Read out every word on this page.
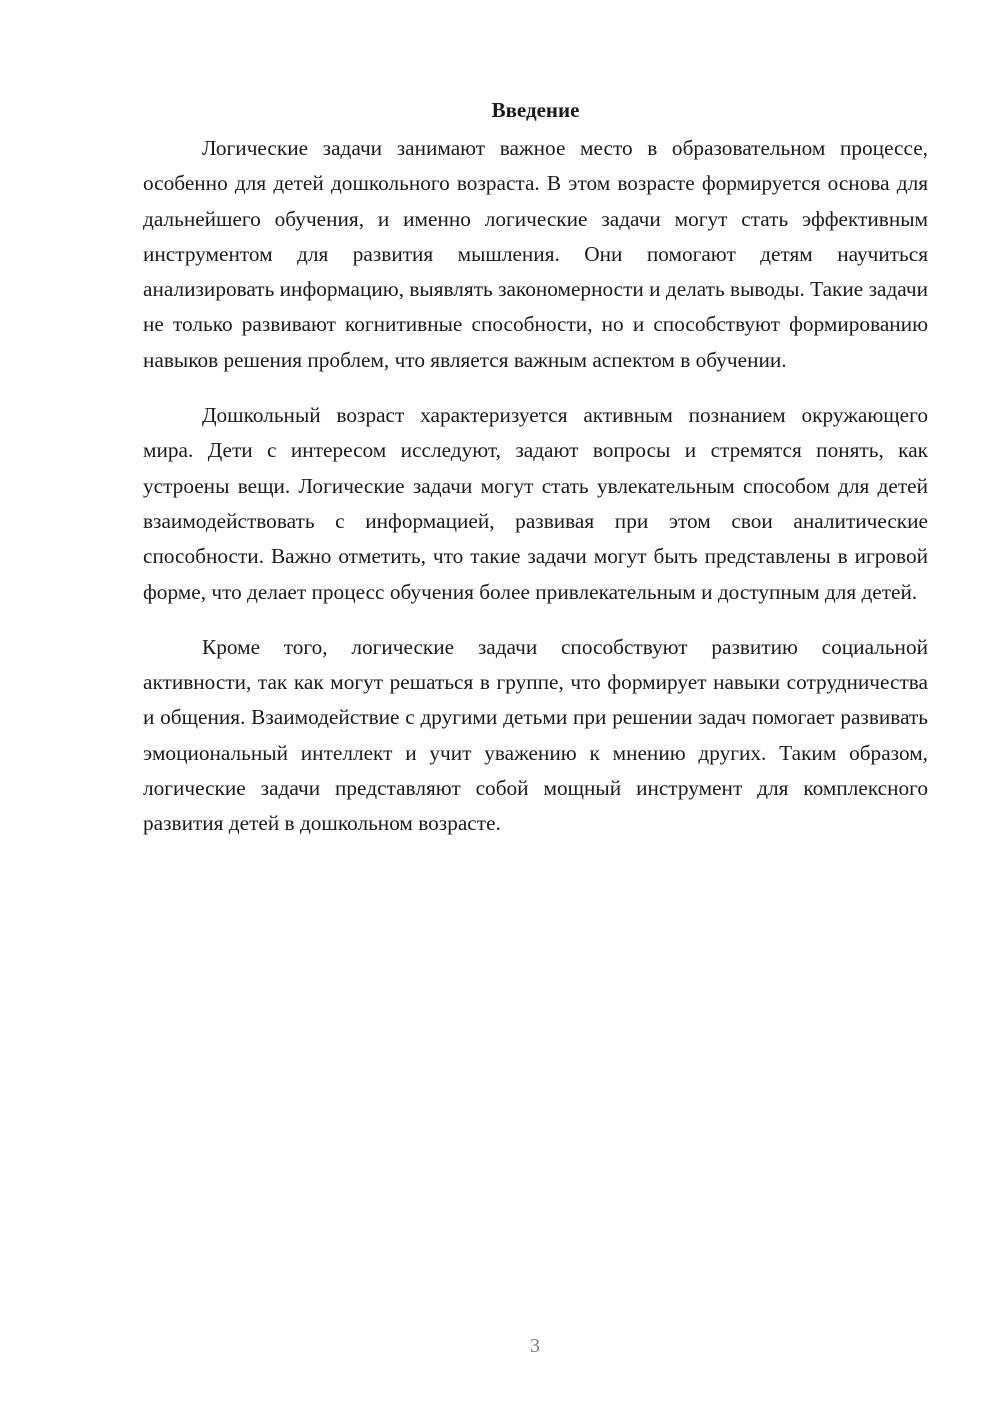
Введение

Логические задачи занимают важное место в образовательном процессе, особенно для детей дошкольного возраста. В этом возрасте формируется основа для дальнейшего обучения, и именно логические задачи могут стать эффективным инструментом для развития мышления. Они помогают детям научиться анализировать информацию, выявлять закономерности и делать выводы. Такие задачи не только развивают когнитивные способности, но и способствуют формированию навыков решения проблем, что является важным аспектом в обучении.

Дошкольный возраст характеризуется активным познанием окружающего мира. Дети с интересом исследуют, задают вопросы и стремятся понять, как устроены вещи. Логические задачи могут стать увлекательным способом для детей взаимодействовать с информацией, развивая при этом свои аналитические способности. Важно отметить, что такие задачи могут быть представлены в игровой форме, что делает процесс обучения более привлекательным и доступным для детей.

Кроме того, логические задачи способствуют развитию социальной активности, так как могут решаться в группе, что формирует навыки сотрудничества и общения. Взаимодействие с другими детьми при решении задач помогает развивать эмоциональный интеллект и учит уважению к мнению других. Таким образом, логические задачи представляют собой мощный инструмент для комплексного развития детей в дошкольном возрасте.

3
